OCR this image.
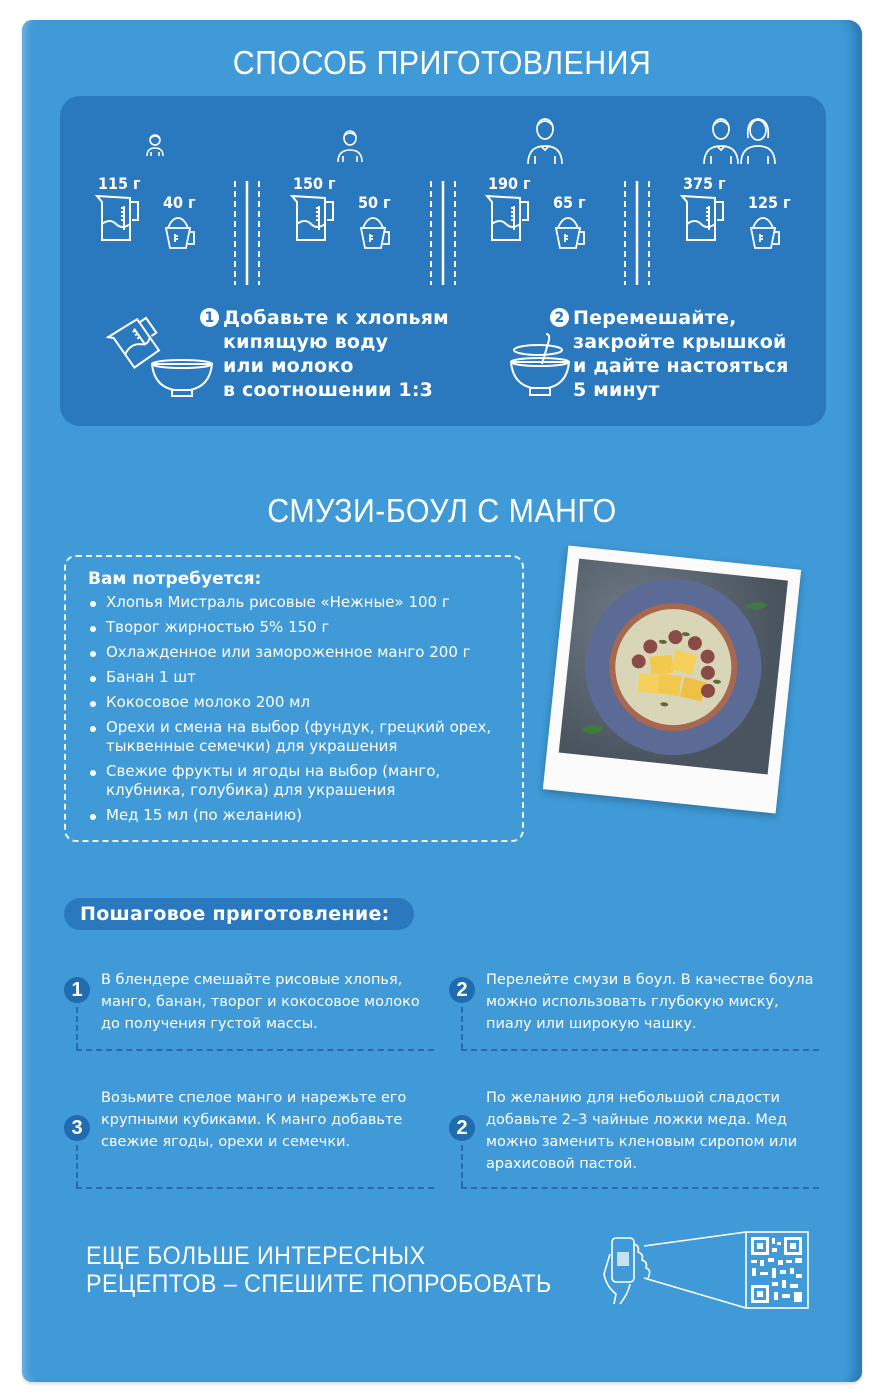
СПОСОБ ПРИГОТОВЛЕНИЯ
115 г
40 г
150 г
50 г
190 г
65 г
375 г
125 г
1 Добавьте к хлопьям
кипящую воду
или молоко
в соотношении 1:3
2 Перемешайте,
закройте крышкой
и дайте настояться
5 минут
СМУЗИ-БОУЛ С МАНГО
Вам потребуется:
Хлопья Мистраль рисовые «Нежные» 100 г
Творог жирностью 5% 150 г
Охлажденное или замороженное манго 200 г
Банан 1 шт
Кокосовое молоко 200 мл
Орехи и смена на выбор (фундук, грецкий орех, тыквенные семечки) для украшения
Свежие фрукты и ягоды на выбор (манго, клубника, голубика) для украшения
Мед 15 мл (по желанию)
Пошаговое приготовление:
1	В блендере смешайте рисовые хлопья, манго, банан, творог и кокосовое молоко до получения густой массы.
2	Перелейте смузи в боул. В качестве боула можно использовать глубокую миску, пиалу или широкую чашку.
3
Возьмите спелое манго и нарежьте его крупными кубиками. К манго добавьте свежие ягоды, орехи и семечки.
2
По желанию для небольшой сладости добавьте 2–3 чайные ложки меда. Мед можно заменить кленовым сиропом или арахисовой пастой.
ЕЩЕ БОЛЬШЕ ИНТЕРЕСНЫХ
РЕЦЕПТОВ – СПЕШИТЕ ПОПРОБОВАТЬ
